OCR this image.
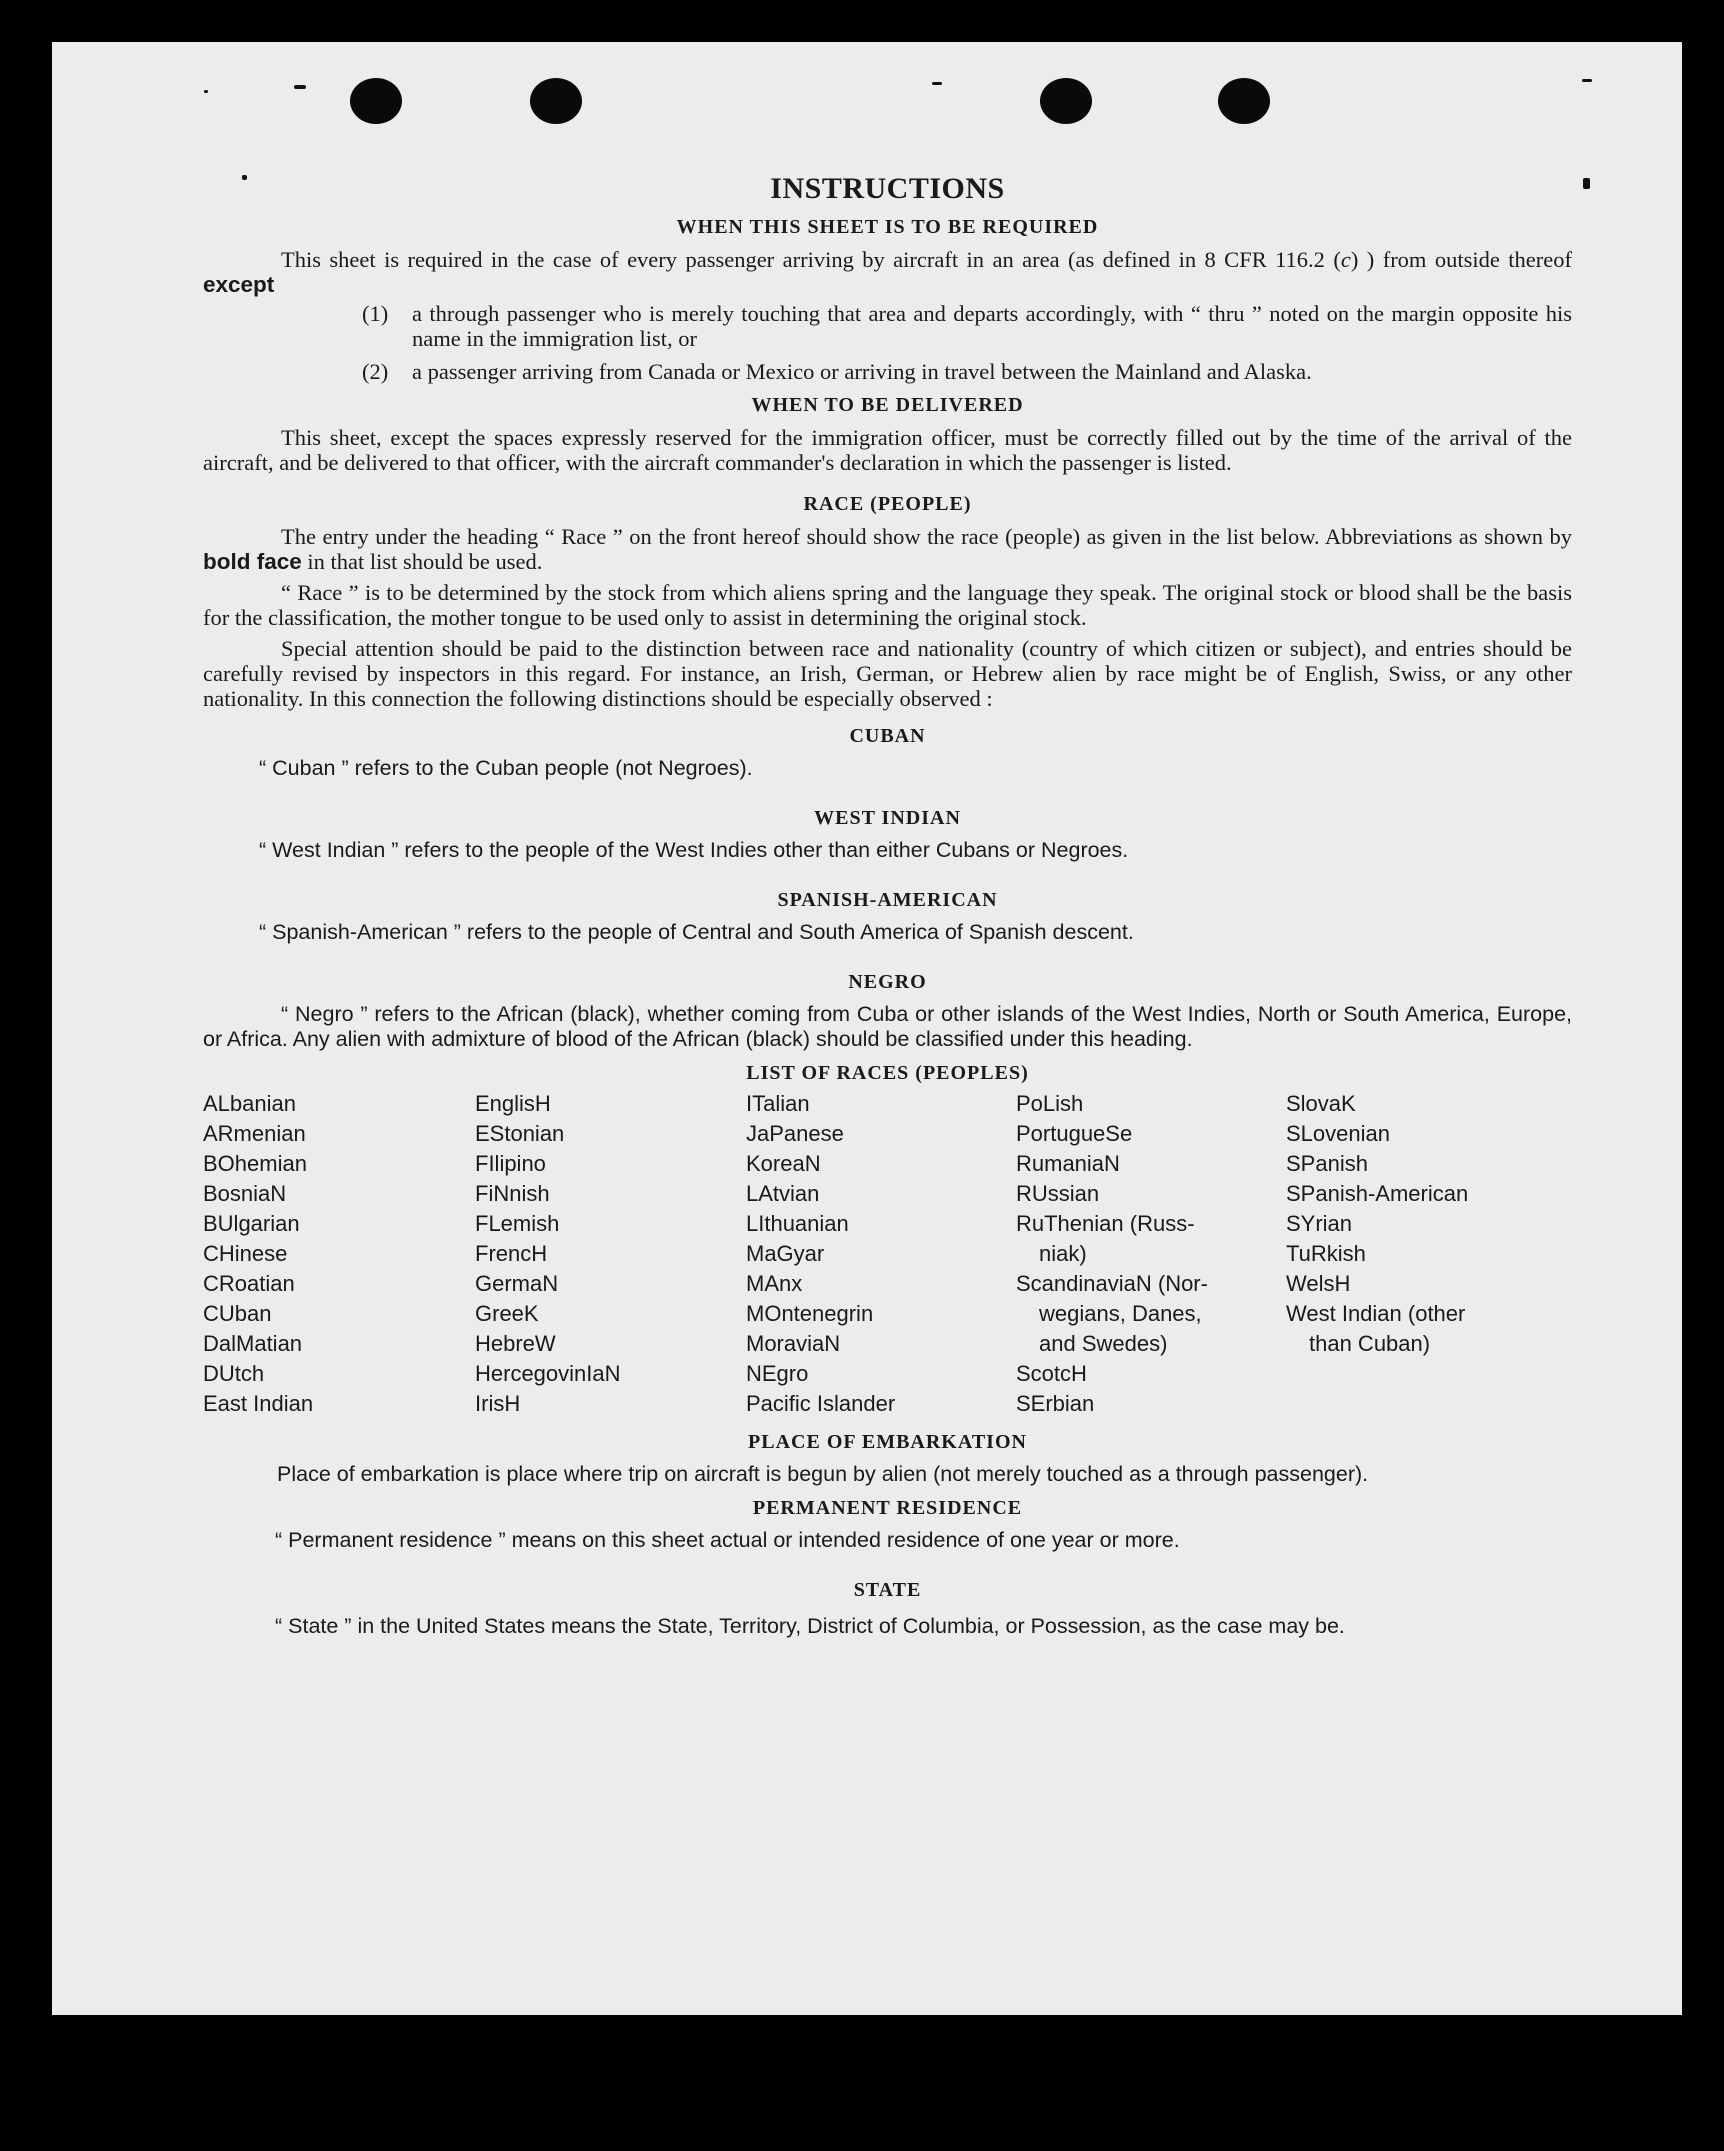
INSTRUCTIONS
WHEN THIS SHEET IS TO BE REQUIRED

This sheet is required in the case of every passenger arriving by aircraft in an area (as defined in 8 CFR 116.2 (c) ) from outside thereof except

(1)	a through passenger who is merely touching that area and departs accordingly, with “ thru ” noted on the margin opposite his name in the immigration list, or
(2)	a passenger arriving from Canada or Mexico or arriving in travel between the Mainland and Alaska.
WHEN TO BE DELIVERED

This sheet, except the spaces expressly reserved for the immigration officer, must be correctly filled out by the time of the arrival of the aircraft, and be delivered to that officer, with the aircraft commander's declaration in which the passenger is listed.

RACE (PEOPLE)

The entry under the heading “ Race ” on the front hereof should show the race (people) as given in the list below. Abbreviations as shown by bold face in that list should be used.

“ Race ” is to be determined by the stock from which aliens spring and the language they speak. The original stock or blood shall be the basis for the classification, the mother tongue to be used only to assist in determining the original stock.

Special attention should be paid to the distinction between race and nationality (country of which citizen or subject), and entries should be carefully revised by inspectors in this regard. For instance, an Irish, German, or Hebrew alien by race might be of English, Swiss, or any other nationality. In this connection the following distinctions should be especially observed :

CUBAN

“ Cuban ” refers to the Cuban people (not Negroes).

WEST INDIAN

“ West Indian ” refers to the people of the West Indies other than either Cubans or Negroes.

SPANISH-AMERICAN

“ Spanish-American ” refers to the people of Central and South America of Spanish descent.

NEGRO

“ Negro ” refers to the African (black), whether coming from Cuba or other islands of the West Indies, North or South America, Europe, or Africa. Any alien with admixture of blood of the African (black) should be classified under this heading.

LIST OF RACES (PEOPLES)
ALbanian
ARmenian
BOhemian
BosniaN
BUlgarian
CHinese
CRoatian
CUban
DalMatian
DUtch
East Indian
EnglisH
EStonian
FIlipino
FiNnish
FLemish
FrencH
GermaN
GreeK
HebreW
HercegovinIaN
IrisH
ITalian
JaPanese
KoreaN
LAtvian
LIthuanian
MaGyar
MAnx
MOntenegrin
MoraviaN
NEgro
Pacific Islander
PoLish
PortugueSe
RumaniaN
RUssian
RuThenian (Russ-
niak)
ScandinaviaN (Nor-
wegians, Danes,
and Swedes)
ScotcH
SErbian
SlovaK
SLovenian
SPanish
SPanish-American
SYrian
TuRkish
WelsH
West Indian (other
than Cuban)
PLACE OF EMBARKATION

Place of embarkation is place where trip on aircraft is begun by alien (not merely touched as a through passenger).

PERMANENT RESIDENCE

“ Permanent residence ” means on this sheet actual or intended residence of one year or more.

STATE

“ State ” in the United States means the State, Territory, District of Columbia, or Possession, as the case may be.
